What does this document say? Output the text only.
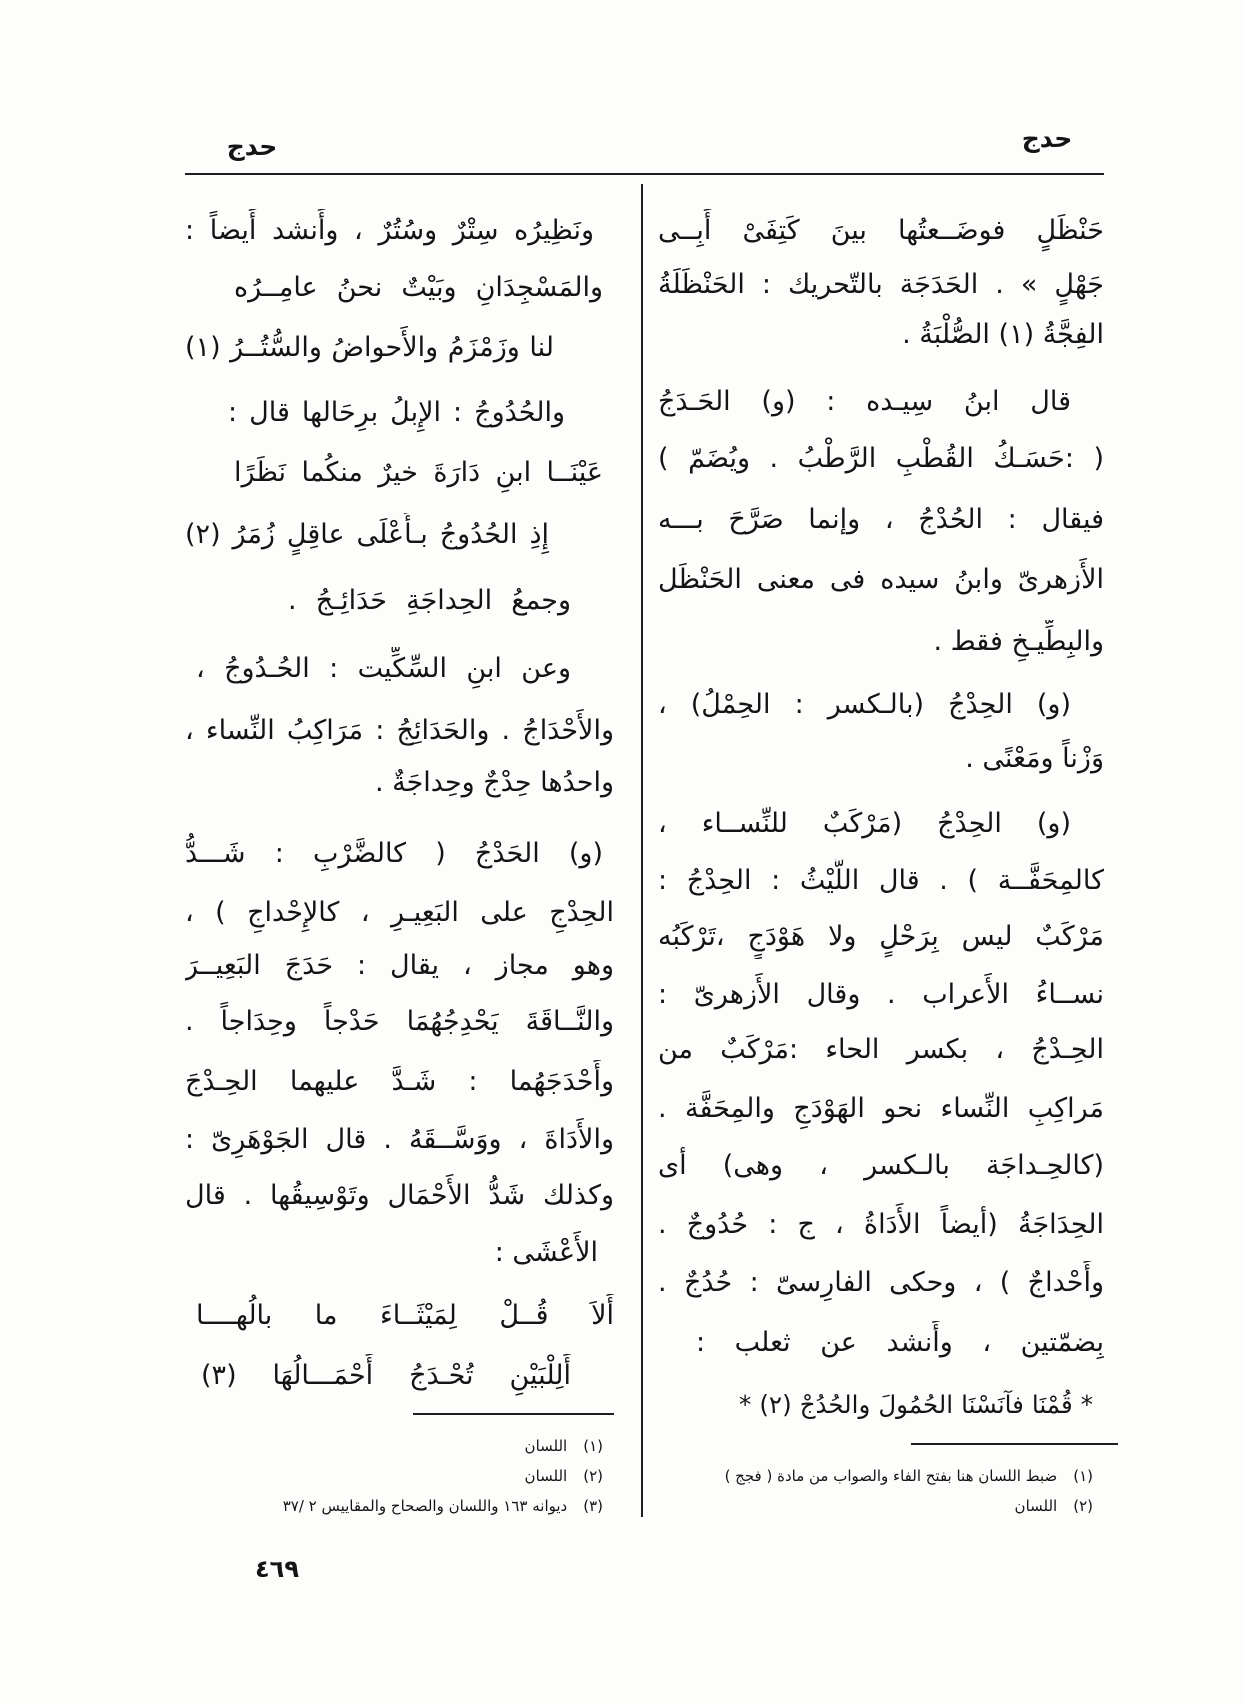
حدج
حدج
حَنْظَلٍ فوضَــعتُها بينَ كَتِفَىْ أَبِــى
جَهْلٍ » . الحَدَجَة بالتّحريك : الحَنْظَلَةُ
الفِجَّةُ (١) الصُّلْبَةُ .
قال ابنُ سِيـده : (و) الحَـدَجُ
( :حَسَـكُ القُطْبِ الرَّطْبُ . ويُضَمّ )
فيقال : الحُدْجُ ، وإنما صَرَّحَ بـــه
الأَزهرىّ وابنُ سيده فى معنى الحَنْظَل
والبِطِّيـخِ فقط .
(و) الحِدْجُ (بالـكسر : الحِمْلُ) ،
وَزْناً ومَعْنًى .
(و) الحِدْجُ (مَرْكَبٌ للنِّســاء ،
كالمِحَفَّــة ) . قال اللَّيْثُ : الحِدْجُ :
مَرْكَبٌ ليس بِرَحْلٍ ولا هَوْدَجٍ ،تَرْكَبُه
نســاءُ الأَعراب . وقال الأَزهرىّ :
الحِـدْجُ ، بكسر الحاء :مَرْكَبٌ من
مَراكِبِ النِّساء نحو الهَوْدَجِ والمِحَفَّة .
(كالحِـداجَة بالـكسر ، وهى) أى
الحِدَاجَةُ (أيضاً الأَدَاةُ ، ج : حُدُوجٌ .
وأَحْداجٌ ) ، وحكى الفارِسىّ : حُدُجٌ .
بِضمّتين ، وأَنشد عن ثعلب :
* قُمْنَا فآنَسْنَا الحُمُولَ والحُدُجْ (٢) *
(١)ضبط اللسان هنا بفتح الفاء والصواب من مادة ( فجج )
(٢)اللسان
ونَظِيرُه سِتْرٌ وسُتُرٌ ، وأَنشد أَيضاً :
والمَسْجِدَانِ وبَيْتٌ نحنُ عامِــرُه
لنا وزَمْزَمُ والأَحواضُ والسُّتُــرُ (١)
والحُدُوجُ : الإِبلُ برِحَالها قال :
عَيْنَــا ابنِ دَارَةَ خيرٌ منكُما نَظَرًا
إِذِ الحُدُوجُ بـأَعْلَى عاقِلٍ زُمَرُ (٢)
وجمعُ الحِداجَةِ حَدَائِـجُ .
وعن ابنِ السِّكِّيت : الحُـدُوجُ ،
والأَحْدَاجُ . والحَدَائِجُ : مَرَاكِبُ النِّساء ،
واحدُها حِدْجٌ وحِداجَةٌ .
(و) الحَدْجُ ( كالضَّرْبِ : شَـــدُّ
الحِدْجِ على البَعِيـرِ ، كالإِحْداجِ ) ،
وهو مجاز ، يقال : حَدَجَ البَعِيــرَ
والنَّــاقَةَ يَحْدِجُهُمَا حَدْجاً وحِدَاجاً .
وأَحْدَجَهُما : شَـدَّ عليهما الحِـدْجَ
والأَدَاةَ ، ووَسَّــقَهُ . قال الجَوْهَرِىّ :
وكذلك شَدُّ الأَحْمَال وتَوْسِيقُها . قال
الأَعْشَى :
أَلاَ قُــلْ لِمَيْثَــاءَ ما بالُهــــا
أَلِلْبَيْنِ تُحْـدَجُ أَحْمَـــالُهَا (٣)
(١)اللسان
(٢)اللسان
(٣)ديوانه ١٦٣ واللسان والصحاح والمقاييس ٢ /٣٧
٤٦٩
